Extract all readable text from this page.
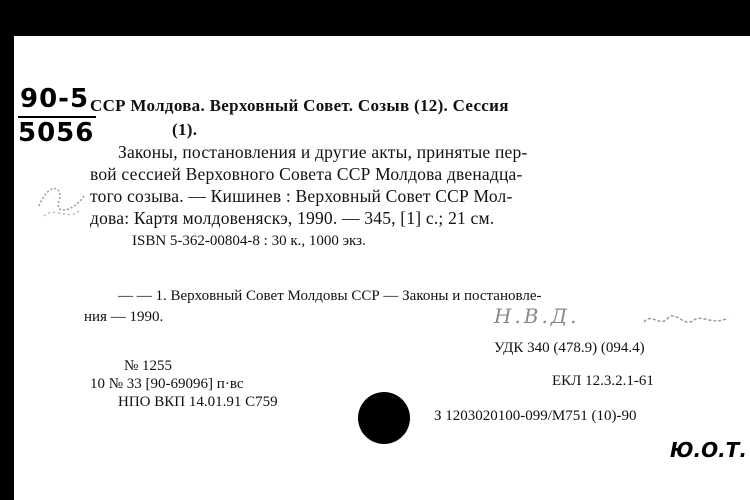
90-5
5056
ССР Молдова. Верховный Совет. Созыв (12). Сессия
(1).
Законы, постановления и другие акты, принятые пер-
вой сессией Верховного Совета ССР Молдова двенадца-
того созыва. — Кишинев : Верховный Совет ССР Мол-
дова: Картя молдовеняскэ, 1990. — 345, [1] с.; 21 см.
ISBN 5-362-00804-8 : 30 к., 1000 экз.
— — 1. Верховный Совет Молдовы ССР — Законы и постановле-
ния — 1990.	Н.В.Д.
УДК 340 (478.9) (094.4)
ЕКЛ 12.3.2.1-61
З 1203020100-099/М751 (10)-90
№ 1255
10 № 33 [90-69096] п·вс
НПО ВКП 14.01.91 С759
Ю.О.Т.
